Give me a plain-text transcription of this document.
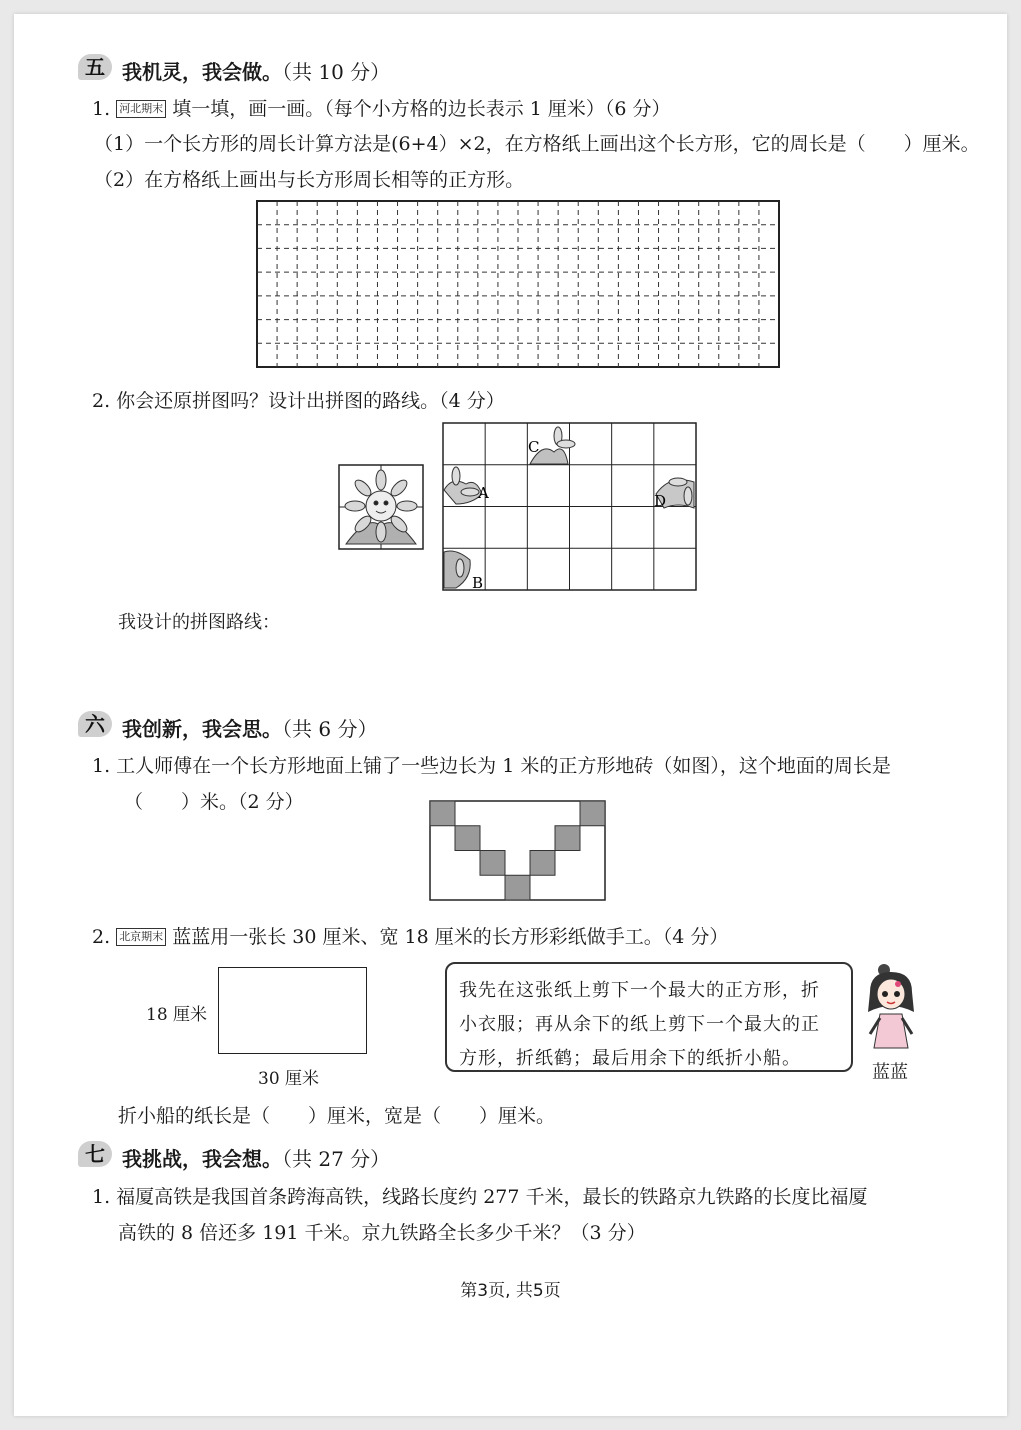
五 我机灵，我会做。（共 10 分）
1. 河北期末 填一填，画一画。（每个小方格的边长表示 1 厘米）（6 分）
（1）一个长方形的周长计算方法是(6+4）×2，在方格纸上画出这个长方形，它的周长是（　　）厘米。
（2）在方格纸上画出与长方形周长相等的正方形。
2. 你会还原拼图吗？设计出拼图的路线。（4 分）
A
B
C
D
我设计的拼图路线：
六 我创新，我会思。（共 6 分）
1. 工人师傅在一个长方形地面上铺了一些边长为 1 米的正方形地砖（如图），这个地面的周长是
（　　）米。（2 分）
2. 北京期末 蓝蓝用一张长 30 厘米、宽 18 厘米的长方形彩纸做手工。（4 分）
18 厘米
30 厘米
我先在这张纸上剪下一个最大的正方形，折
小衣服；再从余下的纸上剪下一个最大的正
方形，折纸鹤；最后用余下的纸折小船。
蓝蓝
折小船的纸长是（　　）厘米，宽是（　　）厘米。
七 我挑战，我会想。（共 27 分）
1. 福厦高铁是我国首条跨海高铁，线路长度约 277 千米，最长的铁路京九铁路的长度比福厦
高铁的 8 倍还多 191 千米。京九铁路全长多少千米？（3 分）
第3页, 共5页
